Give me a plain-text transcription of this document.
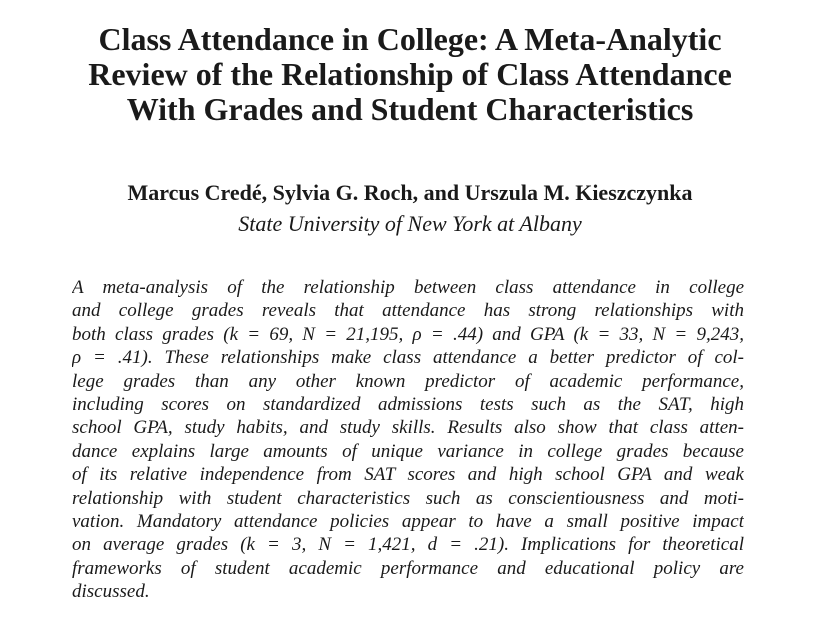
Class Attendance in College: A Meta-Analytic
Review of the Relationship of Class Attendance
With Grades and Student Characteristics
Marcus Credé, Sylvia G. Roch, and Urszula M. Kieszczynka
State University of New York at Albany
A meta-analysis of the relationship between class attendance in college
and college grades reveals that attendance has strong relationships with
both class grades (k = 69, N = 21,195, ρ = .44) and GPA (k = 33, N = 9,243,
ρ = .41). These relationships make class attendance a better predictor of col-
lege grades than any other known predictor of academic performance,
including scores on standardized admissions tests such as the SAT, high
school GPA, study habits, and study skills. Results also show that class atten-
dance explains large amounts of unique variance in college grades because
of its relative independence from SAT scores and high school GPA and weak
relationship with student characteristics such as conscientiousness and moti-
vation. Mandatory attendance policies appear to have a small positive impact
on average grades (k = 3, N = 1,421, d = .21). Implications for theoretical
frameworks of student academic performance and educational policy are
discussed.
